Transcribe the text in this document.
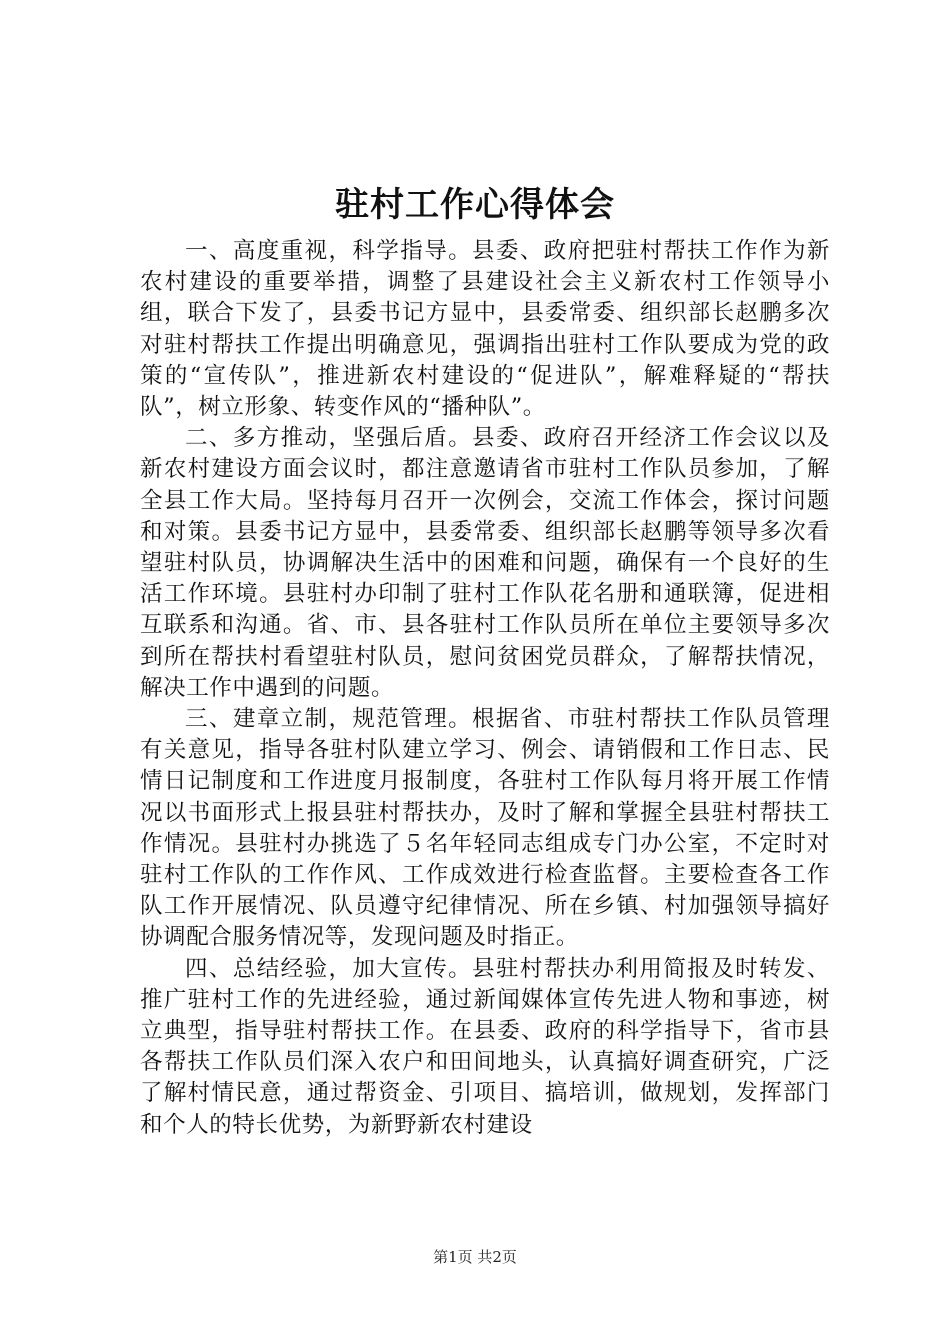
驻村工作心得体会

一、高度重视，科学指导。县委、政府把驻村帮扶工作作为新农村建设的重要举措，调整了县建设社会主义新农村工作领导小组，联合下发了，县委书记方显中，县委常委、组织部长赵鹏多次对驻村帮扶工作提出明确意见，强调指出驻村工作队要成为党的政策的“宣传队”，推进新农村建设的“促进队”，解难释疑的“帮扶队”，树立形象、转变作风的“播种队”。

二、多方推动，坚强后盾。县委、政府召开经济工作会议以及新农村建设方面会议时，都注意邀请省市驻村工作队员参加，了解全县工作大局。坚持每月召开一次例会，交流工作体会，探讨问题和对策。县委书记方显中，县委常委、组织部长赵鹏等领导多次看望驻村队员，协调解决生活中的困难和问题，确保有一个良好的生活工作环境。县驻村办印制了驻村工作队花名册和通联簿，促进相互联系和沟通。省、市、县各驻村工作队员所在单位主要领导多次到所在帮扶村看望驻村队员，慰问贫困党员群众，了解帮扶情况，解决工作中遇到的问题。

三、建章立制，规范管理。根据省、市驻村帮扶工作队员管理有关意见，指导各驻村队建立学习、例会、请销假和工作日志、民情日记制度和工作进度月报制度，各驻村工作队每月将开展工作情况以书面形式上报县驻村帮扶办，及时了解和掌握全县驻村帮扶工作情况。县驻村办挑选了５名年轻同志组成专门办公室，不定时对驻村工作队的工作作风、工作成效进行检查监督。主要检查各工作队工作开展情况、队员遵守纪律情况、所在乡镇、村加强领导搞好协调配合服务情况等，发现问题及时指正。

四、总结经验，加大宣传。县驻村帮扶办利用简报及时转发、推广驻村工作的先进经验，通过新闻媒体宣传先进人物和事迹，树立典型，指导驻村帮扶工作。在县委、政府的科学指导下，省市县各帮扶工作队员们深入农户和田间地头，认真搞好调查研究，广泛了解村情民意，通过帮资金、引项目、搞培训，做规划，发挥部门和个人的特长优势，为新野新农村建设

第1页 共2页
